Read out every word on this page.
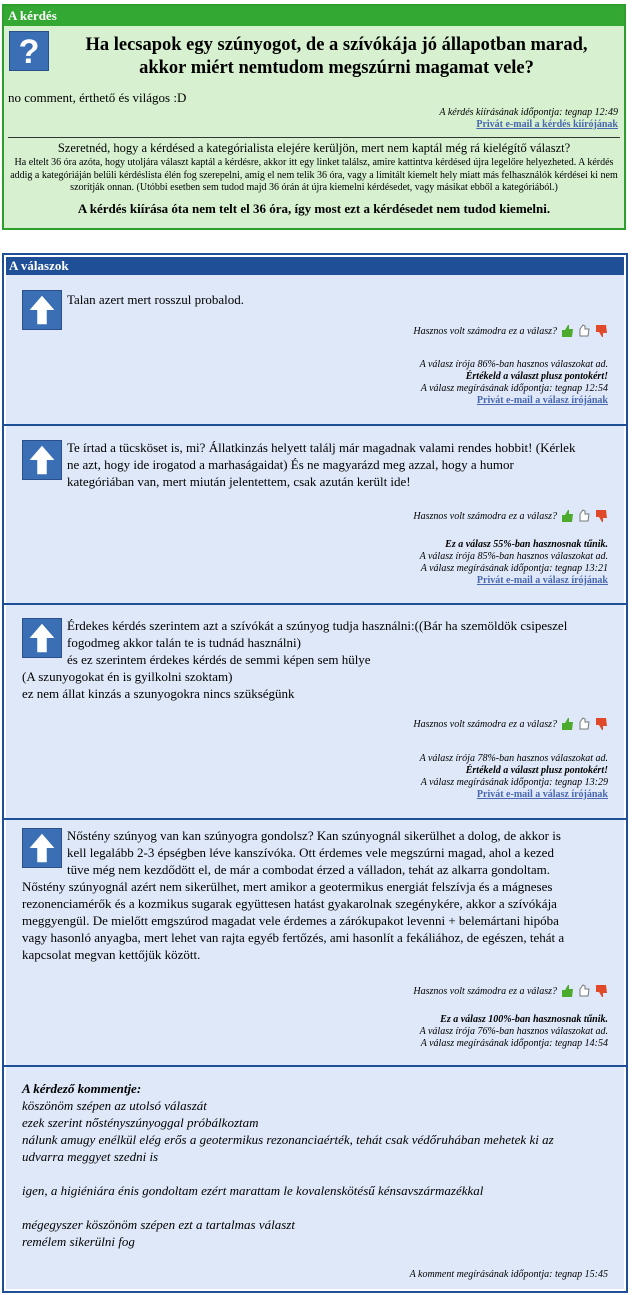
A kérdés
?	Ha lecsapok egy szúnyogot, de a szívókája jó állapotban marad,
akkor miért nemtudom megszúrni magamat vele?
no comment, érthető és világos :D
A kérdés kiírásának időpontja: tegnap 12:49
Privát e-mail a kérdés kiírójának
Szeretnéd, hogy a kérdésed a kategórialista elejére kerüljön, mert nem kaptál még rá kielégítő választ?
Ha eltelt 36 óra azóta, hogy utoljára választ kaptál a kérdésre, akkor itt egy linket találsz, amire kattintva kérdésed újra legelőre helyezheted. A kérdés addig a kategóriáján belüli kérdéslista élén fog szerepelni, amíg el nem telik 36 óra, vagy a limitált kiemelt hely miatt más felhasználók kérdései ki nem szorítják onnan. (Utóbbi esetben sem tudod majd 36 órán át újra kiemelni kérdésedet, vagy másikat ebből a kategóriából.)
A kérdés kiírása óta nem telt el 36 óra, így most ezt a kérdésedet nem tudod kiemelni.
A válaszok
Talan azert mert rosszul probalod.
Hasznos volt számodra ez a válasz?
A válasz írója 86%-ban hasznos válaszokat ad.
Értékeld a választ plusz pontokért!
A válasz megírásának időpontja: tegnap 12:54
Privát e-mail a válasz írójának
Te írtad a tücsköset is, mi? Állatkinzás helyett találj már magadnak valami rendes hobbit! (Kérlek
ne azt, hogy ide irogatod a marhaságaidat) És ne magyarázd meg azzal, hogy a humor
kategóriában van, mert miután jelentettem, csak azután került ide!
Hasznos volt számodra ez a válasz?
Ez a válasz 55%-ban hasznosnak tűnik.
A válasz írója 85%-ban hasznos válaszokat ad.
A válasz megírásának időpontja: tegnap 13:21
Privát e-mail a válasz írójának
Érdekes kérdés szerintem azt a szívókát a szúnyog tudja használni:((Bár ha szemöldök csipeszel
fogodmeg akkor talán te is tudnád használni)
és ez szerintem érdekes kérdés de semmi képen sem hülye
(A szunyogokat én is gyilkolni szoktam)
ez nem állat kinzás a szunyogokra nincs szükségünk
Hasznos volt számodra ez a válasz?
A válasz írója 78%-ban hasznos válaszokat ad.
Értékeld a választ plusz pontokért!
A válasz megírásának időpontja: tegnap 13:29
Privát e-mail a válasz írójának
Nőstény szúnyog van kan szúnyogra gondolsz? Kan szúnyognál sikerülhet a dolog, de akkor is
kell legalább 2-3 épségben léve kanszívóka. Ott érdemes vele megszúrni magad, ahol a kezed
tüve még nem kezdődött el, de már a combodat érzed a válladon, tehát az alkarra gondoltam.
Nőstény szúnyognál azért nem sikerülhet, mert amikor a geotermikus energiát felszívja és a mágneses
rezonenciamérők és a kozmikus sugarak együttesen hatást gyakarolnak szegénykére, akkor a szívókája
meggyengül. De mielőtt emgszúrod magadat vele érdemes a zárókupakot levenni + belemártani hipóba
vagy hasonló anyagba, mert lehet van rajta egyéb fertőzés, ami hasonlít a fekáliához, de egészen, tehát a
kapcsolat megvan kettőjük között.
Hasznos volt számodra ez a válasz?
Ez a válasz 100%-ban hasznosnak tűnik.
A válasz írója 76%-ban hasznos válaszokat ad.
A válasz megírásának időpontja: tegnap 14:54
A kérdező kommentje:
köszönöm szépen az utolsó válaszát
ezek szerint nőstényszúnyoggal próbálkoztam
nálunk amugy enélkül elég erős a geotermikus rezonanciaérték, tehát csak védőruhában mehetek ki az
udvarra meggyet szedni is
igen, a higiéniára énis gondoltam ezért marattam le kovalenskötésű kénsavszármazékkal
mégegyszer köszönöm szépen ezt a tartalmas választ
remélem sikerülni fog
A komment megírásának időpontja: tegnap 15:45
